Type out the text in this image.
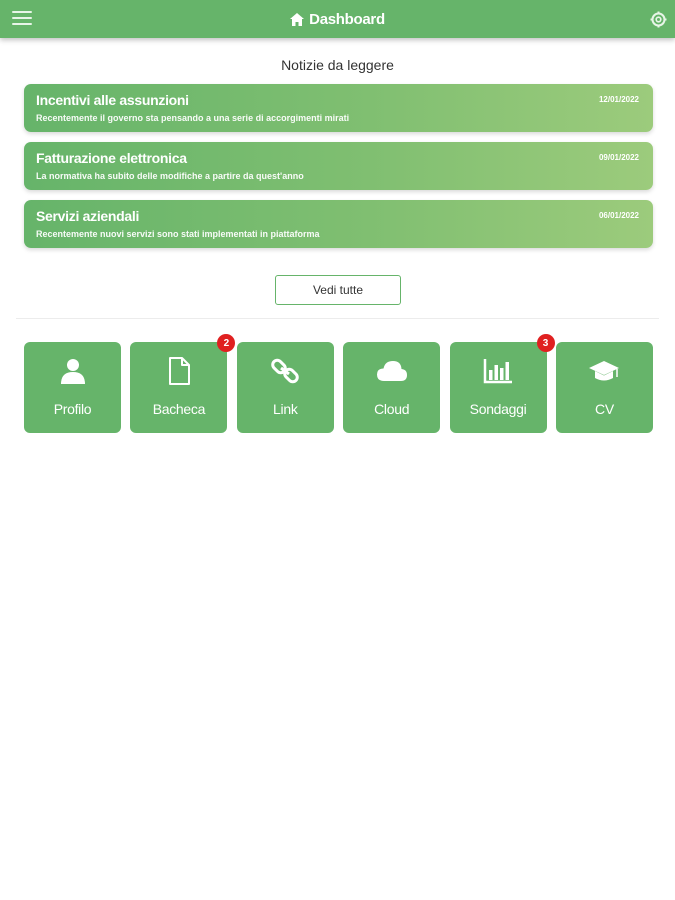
Dashboard
Notizie da leggere
Incentivi alle assunzioni
Recentemente il governo sta pensando a una serie di accorgimenti mirati
12/01/2022
Fatturazione elettronica
La normativa ha subito delle modifiche a partire da quest'anno
09/01/2022
Servizi aziendali
Recentemente nuovi servizi sono stati implementati in piattaforma
06/01/2022
Vedi tutte
Profilo	Bacheca
2
Link	Cloud	Sondaggi
3
CV
